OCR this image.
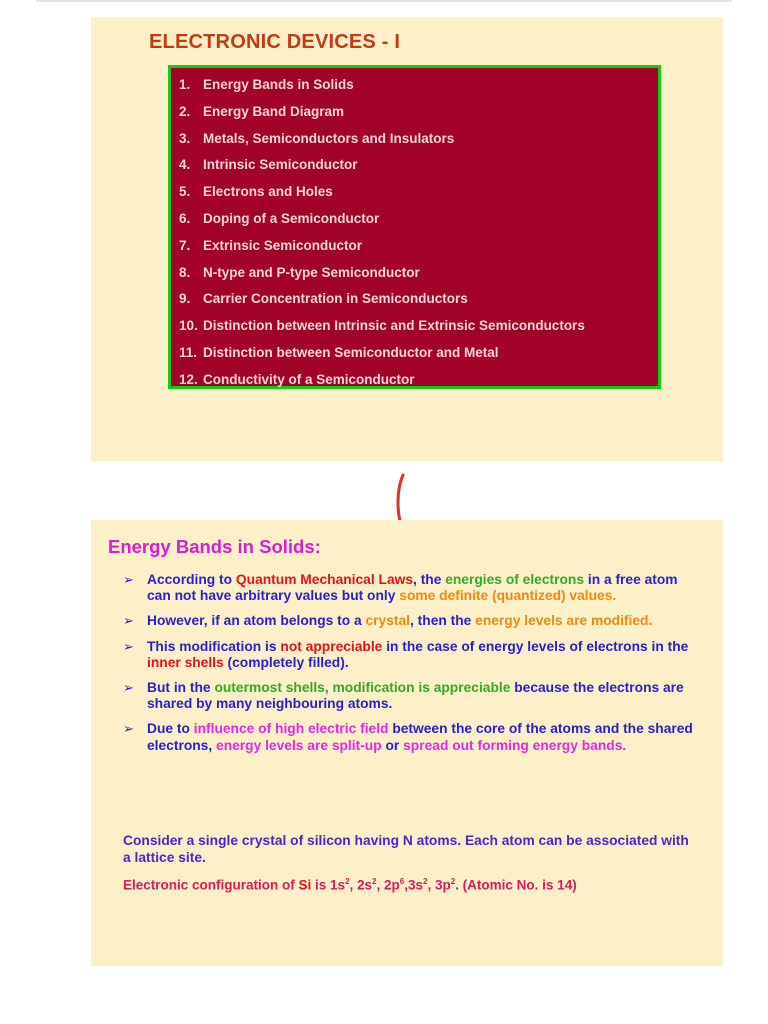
ELECTRONIC DEVICES - I
1. Energy Bands in Solids
2. Energy Band Diagram
3. Metals, Semiconductors and Insulators
4. Intrinsic Semiconductor
5. Electrons and Holes
6. Doping of a Semiconductor
7. Extrinsic Semiconductor
8. N-type and P-type Semiconductor
9. Carrier Concentration in Semiconductors
10. Distinction between Intrinsic and Extrinsic Semiconductors
11. Distinction between Semiconductor and Metal
12. Conductivity of a Semiconductor
Energy Bands in Solids:
➢ According to Quantum Mechanical Laws, the energies of electrons in a free atom can not have arbitrary values but only some definite (quantized) values.
➢ However, if an atom belongs to a crystal, then the energy levels are modified.
➢ This modification is not appreciable in the case of energy levels of electrons in the inner shells (completely filled).
➢ But in the outermost shells, modification is appreciable because the electrons are shared by many neighbouring atoms.
➢ Due to influence of high electric field between the core of the atoms and the shared electrons, energy levels are split-up or spread out forming energy bands.
Consider a single crystal of silicon having N atoms. Each atom can be associated with a lattice site.
Electronic configuration of Si is $1s^2$, $2s^2$, $2p^6,3s^2$, $3p^2$. (Atomic No. is 14)
